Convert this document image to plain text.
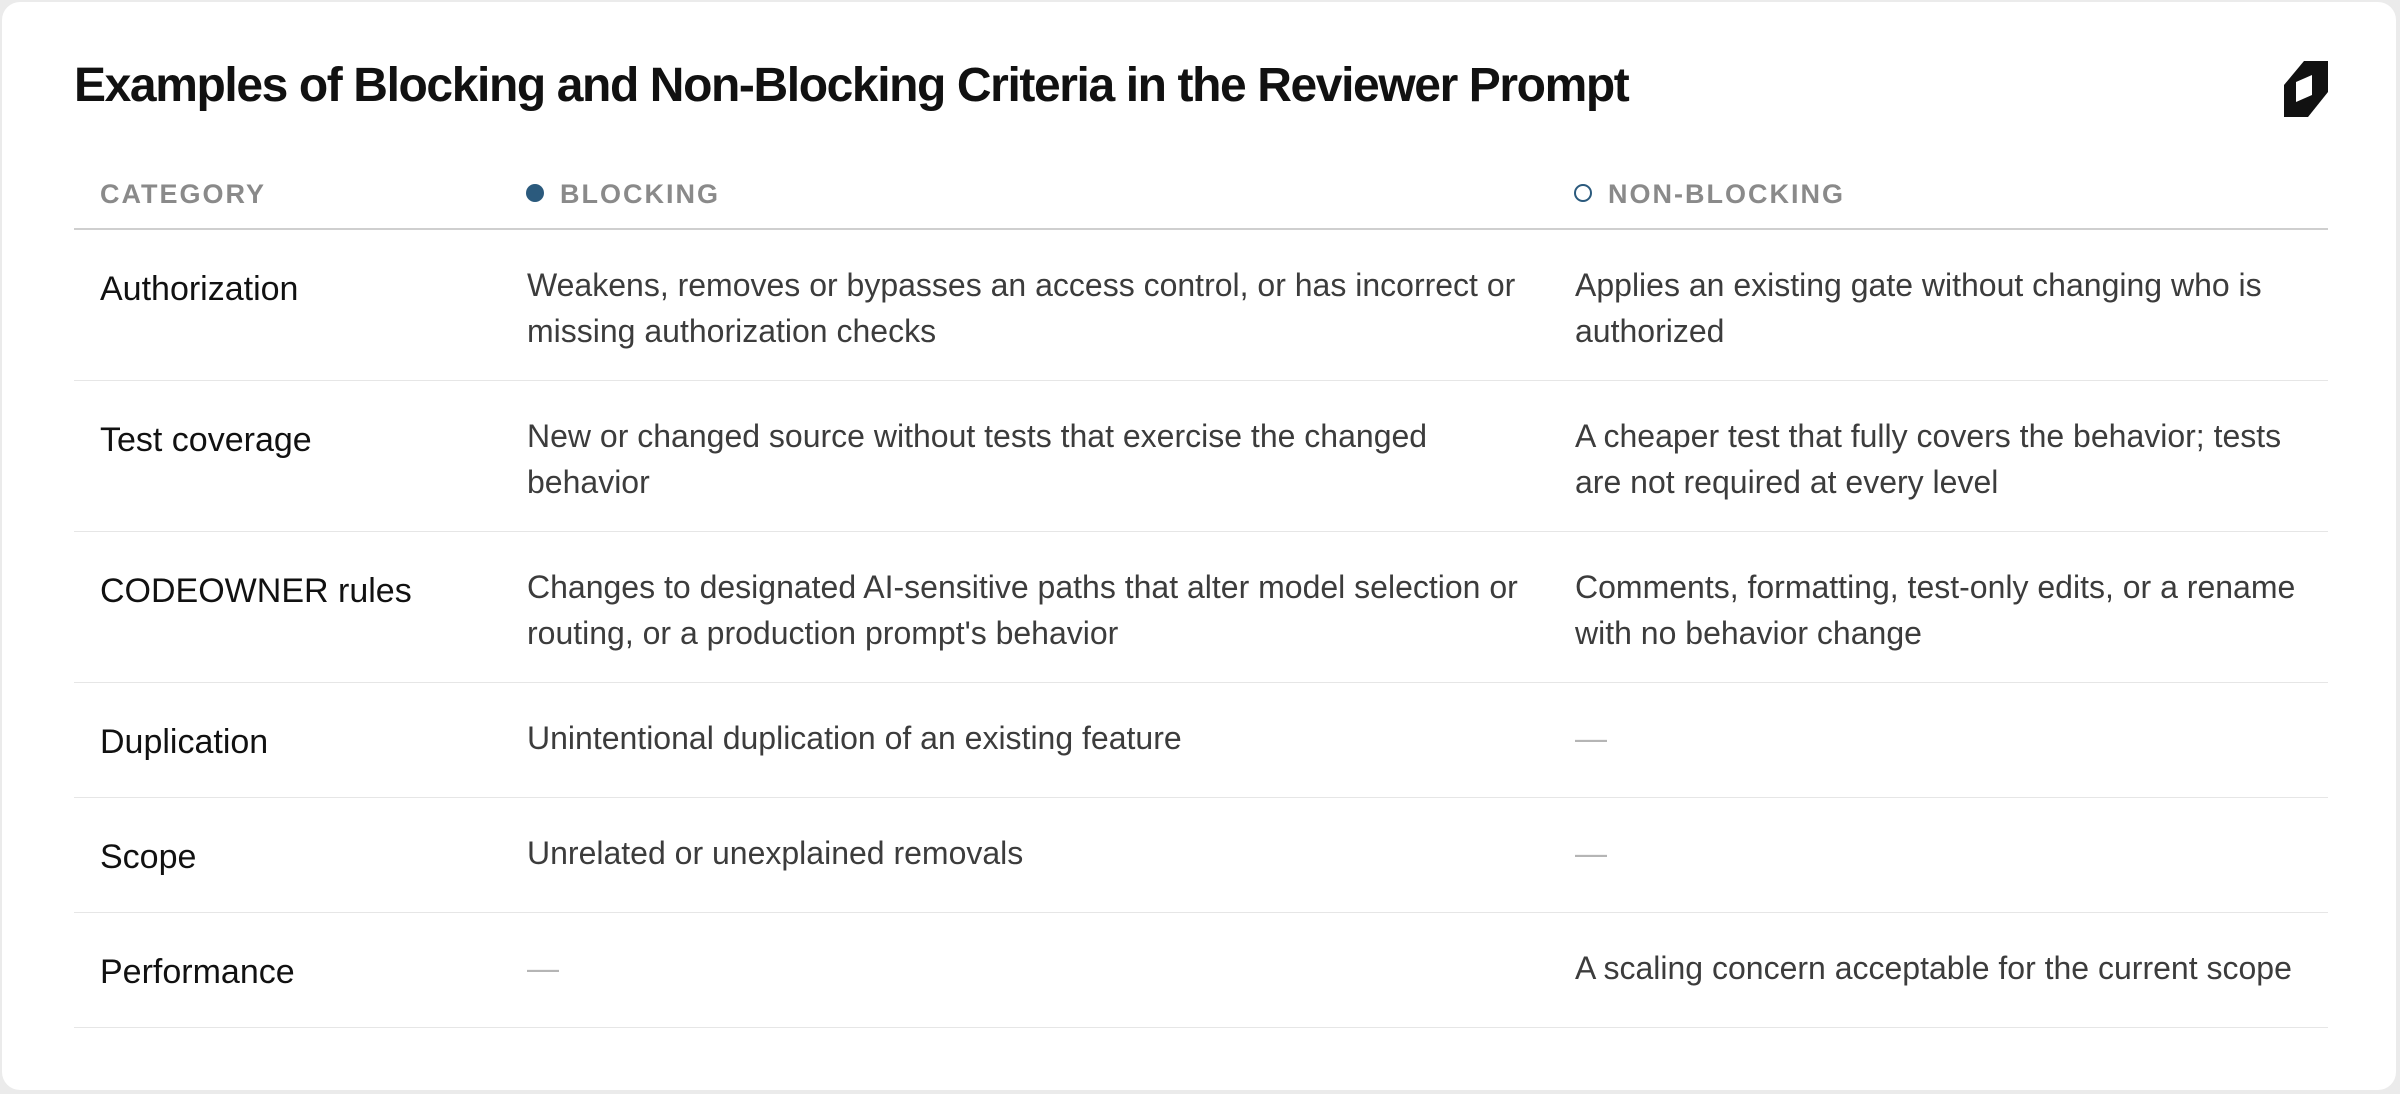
Examples of Blocking and Non-Blocking Criteria in the Reviewer Prompt
CATEGORY	BLOCKING	NON-BLOCKING
Authorization	Weakens, removes or bypasses an access control, or has incorrect or missing authorization checks	Applies an existing gate without changing who is authorized
Test coverage	New or changed source without tests that exercise the changed behavior	A cheaper test that fully covers the behavior; tests are not required at every level
CODEOWNER rules	Changes to designated AI-sensitive paths that alter model selection or routing, or a production prompt's behavior	Comments, formatting, test-only edits, or a rename with no behavior change
Duplication	Unintentional duplication of an existing feature	—
Scope	Unrelated or unexplained removals	—
Performance	—	A scaling concern acceptable for the current scope
